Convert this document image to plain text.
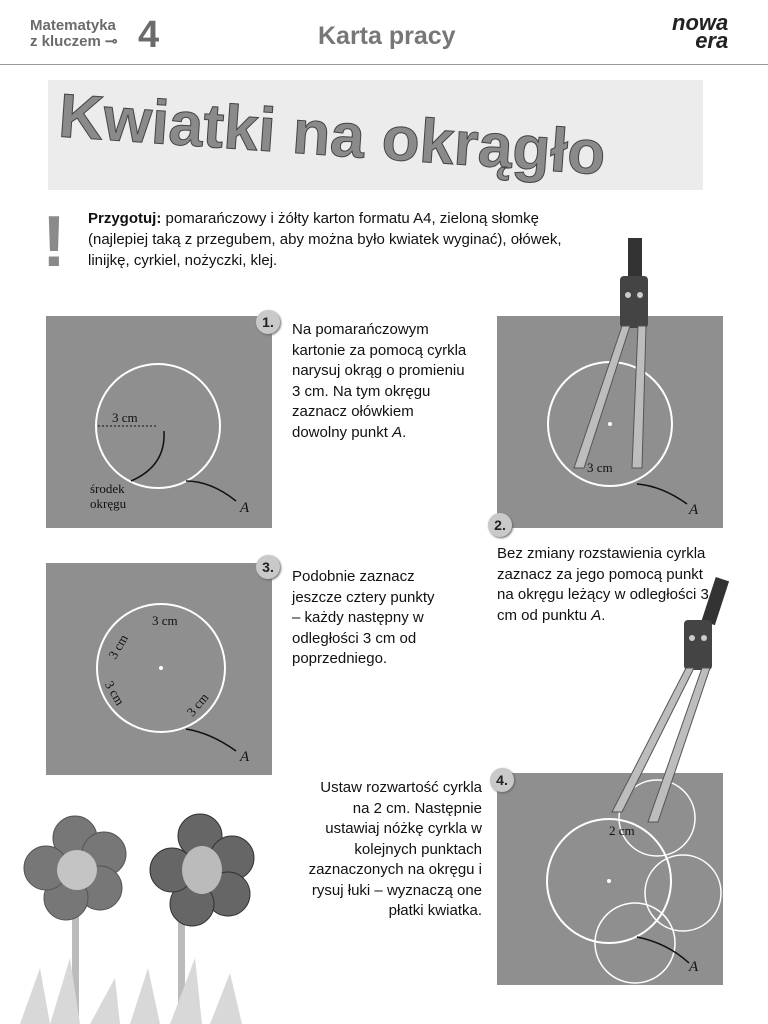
Matematyka
z kluczem ⊸ 4	Karta pracy	nowa
era
Kwiatki na okrągło
! Przygotuj: pomarańczowy i żółty karton formatu A4, zieloną słomkę (najlepiej taką z przegubem, aby można było kwiatek wyginać), ołówek, linijkę, cyrkiel, nożyczki, klej.
3 cm
środek
okręgu	A
1.	Na pomarańczowym kartonie za pomocą cyrkla narysuj okrąg o promieniu 3 cm. Na tym okręgu zaznacz ołówkiem dowolny punkt A.
3 cm
A
2.
Bez zmiany rozstawienia cyrkla zaznacz za jego pomocą punkt na okręgu leżący w odległości 3 cm od punktu A.
3 cm
3 cm
3 cm	3 cm
A
3.
Podobnie zaznacz jeszcze cztery punkty – każdy następny w odległości 3 cm od poprzedniego.
2 cm
A
4.
Ustaw rozwartość cyrkla na 2 cm. Następnie ustawiaj nóżkę cyrkla w kolejnych punktach zaznaczonych na okręgu i rysuj łuki – wyznaczą one płatki kwiatka.
